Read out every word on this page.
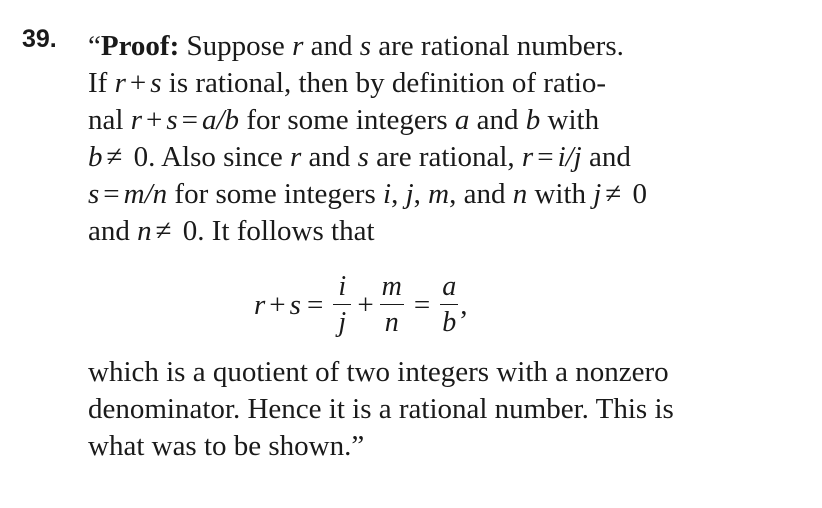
39. “Proof: Suppose r and s are rational numbers.
If r + s is rational, then by definition of ratio-
nal r + s = a/b for some integers a and b with
b ≠ 0. Also since r and s are rational, r = i/j and
s = m/n for some integers i, j, m, and n with j ≠ 0
and n ≠ 0. It follows that
$r + s = \frac{i}{j} + \frac{m}{n} = \frac{a}{b}$ ,
which is a quotient of two integers with a nonzero
denominator. Hence it is a rational number. This is
what was to be shown.”
